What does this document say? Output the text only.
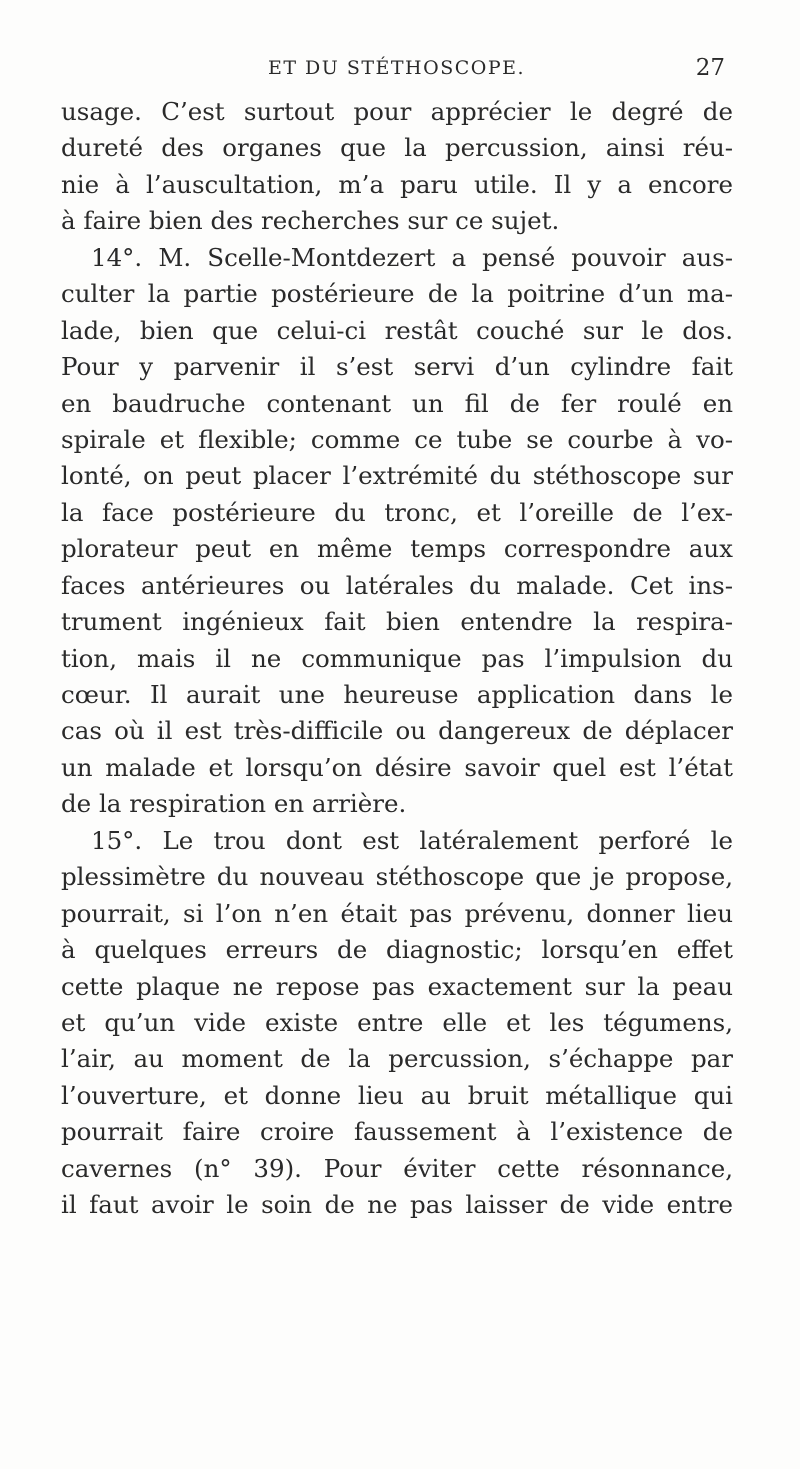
ET DU STÉTHOSCOPE.	27
usage. C’est surtout pour apprécier le degré de
dureté des organes que la percussion, ainsi réu-
nie à l’auscultation, m’a paru utile. Il y a encore
à faire bien des recherches sur ce sujet.
14°. M. Scelle-Montdezert a pensé pouvoir aus-
culter la partie postérieure de la poitrine d’un ma-
lade, bien que celui-ci restât couché sur le dos.
Pour y parvenir il s’est servi d’un cylindre fait
en baudruche contenant un fil de fer roulé en
spirale et flexible; comme ce tube se courbe à vo-
lonté, on peut placer l’extrémité du stéthoscope sur
la face postérieure du tronc, et l’oreille de l’ex-
plorateur peut en même temps correspondre aux
faces antérieures ou latérales du malade. Cet ins-
trument ingénieux fait bien entendre la respira-
tion, mais il ne communique pas l’impulsion du
cœur. Il aurait une heureuse application dans le
cas où il est très-difficile ou dangereux de déplacer
un malade et lorsqu’on désire savoir quel est l’état
de la respiration en arrière.
15°. Le trou dont est latéralement perforé le
plessimètre du nouveau stéthoscope que je propose,
pourrait, si l’on n’en était pas prévenu, donner lieu
à quelques erreurs de diagnostic; lorsqu’en effet
cette plaque ne repose pas exactement sur la peau
et qu’un vide existe entre elle et les tégumens,
l’air, au moment de la percussion, s’échappe par
l’ouverture, et donne lieu au bruit métallique qui
pourrait faire croire faussement à l’existence de
cavernes (n° 39). Pour éviter cette résonnance,
il faut avoir le soin de ne pas laisser de vide entre
